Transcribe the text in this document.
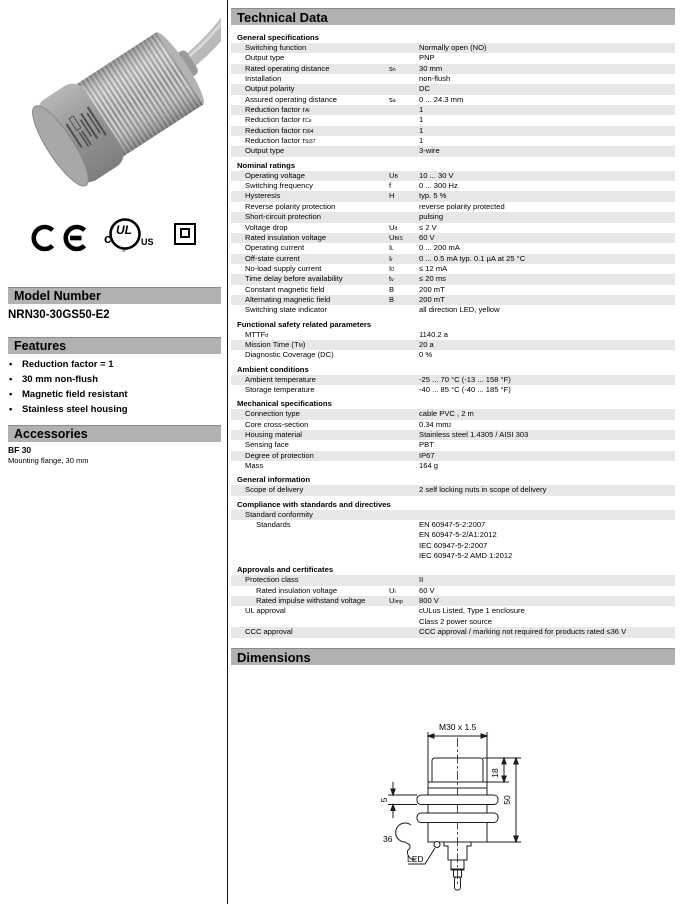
UL
c	US
®
Model Number
NRN30-30GS50-E2
Features
• Reduction factor = 1
• 30 mm non-flush
• Magnetic field resistant
• Stainless steel housing
Accessories
BF 30
Mounting flange, 30 mm
Technical Data
General specifications
Switching function	Normally open (NO)
Output type	PNP
Rated operating distance	$s_n$	30 mm
Installation	non-flush
Output polarity	DC
Assured operating distance	$s_a$	0 ... 24.3 mm
Reduction factor $r_{Al}$	1
Reduction factor $r_{Cu}$	1
Reduction factor $r_{304}$	1
Reduction factor $r_{St37}$	1
Output type	3-wire
Nominal ratings
Operating voltage	$U_B$	10 ... 30 V
Switching frequency	f	0 ... 300 Hz
Hysteresis	H	typ. 5 %
Reverse polarity protection	reverse polarity protected
Short-circuit protection	pulsing
Voltage drop	$U_d$	≤ 2 V
Rated insulation voltage	$U_{BIS}$	60 V
Operating current	$I_L$	0 ... 200 mA
Off-state current	$I_r$	0 ... 0.5 mA typ. 0.1 µA at 25 °C
No-load supply current	$I_0$	≤ 12 mA
Time delay before availability	$t_v$	≤ 20 ms
Constant magnetic field	B	200 mT
Alternating magnetic field	B	200 mT
Switching state indicator	all direction LED, yellow
Functional safety related parameters
$MTTF_d$	1140.2 a
Mission Time $(T_M)$	20 a
Diagnostic Coverage (DC)	0 %
Ambient conditions
Ambient temperature	-25 ... 70 °C (-13 ... 158 °F)
Storage temperature	-40 ... 85 °C (-40 ... 185 °F)
Mechanical specifications
Connection type	cable PVC , 2 m
Core cross-section	0.34 $mm^2$
Housing material	Stainless steel 1.4305 / AISI 303
Sensing face	PBT
Degree of protection	IP67
Mass	164 g
General information
Scope of delivery	2 self locking nuts in scope of delivery
Compliance with standards and directives
Standard conformity
Standards	EN 60947-5-2:2007
EN 60947-5-2/A1:2012
IEC 60947-5-2:2007
IEC 60947-5-2 AMD 1:2012
Approvals and certificates
Protection class	II
Rated insulation voltage	$U_i$	60 V
Rated impulse withstand voltage	$U_{imp}$	800 V
UL approval	cULus Listed, Type 1 enclosure
Class 2 power source
CCC approval	CCC approval / marking not required for products rated ≤36 V
Dimensions
M30 x 1.5
18
50
5
36
LED
